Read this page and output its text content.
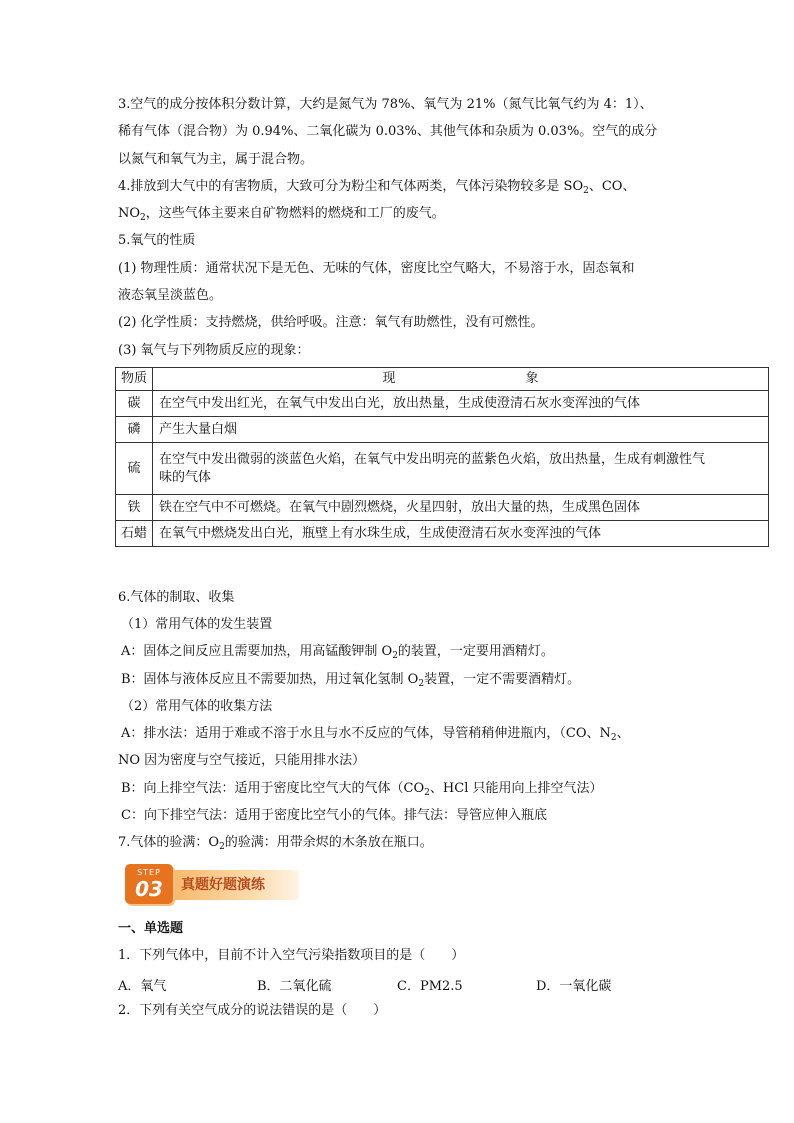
3.空气的成分按体积分数计算，大约是氮气为 78%、氧气为 21%（氮气比氧气约为 4：1）、
稀有气体（混合物）为 0.94%、二氧化碳为 0.03%、其他气体和杂质为 0.03%。空气的成分
以氮气和氧气为主，属于混合物。
4.排放到大气中的有害物质，大致可分为粉尘和气体两类，气体污染物较多是 $SO_2$、CO、
$NO_2$，这些气体主要来自矿物燃料的燃烧和工厂的废气。
5.氧气的性质
(1) 物理性质：通常状况下是无色、无味的气体，密度比空气略大，不易溶于水，固态氧和
液态氧呈淡蓝色。
(2) 化学性质：支持燃烧，供给呼吸。注意：氧气有助燃性，没有可燃性。
(3) 氧气与下列物质反应的现象：
物质	现 象
碳	在空气中发出红光，在氧气中发出白光，放出热量，生成使澄清石灰水变浑浊的气体
磷	产生大量白烟
硫	在空气中发出微弱的淡蓝色火焰，在氧气中发出明亮的蓝紫色火焰，放出热量，生成有刺激性气
味的气体

铁	铁在空气中不可燃烧。在氧气中剧烈燃烧，火星四射，放出大量的热，生成黑色固体
石蜡	在氧气中燃烧发出白光，瓶壁上有水珠生成，生成使澄清石灰水变浑浊的气体
6.气体的制取、收集
（1）常用气体的发生装置
A：固体之间反应且需要加热，用高锰酸钾制 $O_2$的装置，一定要用酒精灯。
B：固体与液体反应且不需要加热，用过氧化氢制 $O_2$装置，一定不需要酒精灯。
（2）常用气体的收集方法
A：排水法：适用于难或不溶于水且与水不反应的气体，导管稍稍伸进瓶内，（CO、$N_2$、
NO 因为密度与空气接近，只能用排水法）
B：向上排空气法：适用于密度比空气大的气体（$CO_2$、HCl 只能用向上排空气法）
C：向下排空气法：适用于密度比空气小的气体。排气法：导管应伸入瓶底
7.气体的验满：$O_2$的验满：用带余烬的木条放在瓶口。
STEP
03	真题好题演练
一、单选题
1．下列气体中，目前不计入空气污染指数项目的是（　　）
A．氧气	B．二氧化硫	C．PM2.5	D．一氧化碳
2．下列有关空气成分的说法错误的是（　　）
